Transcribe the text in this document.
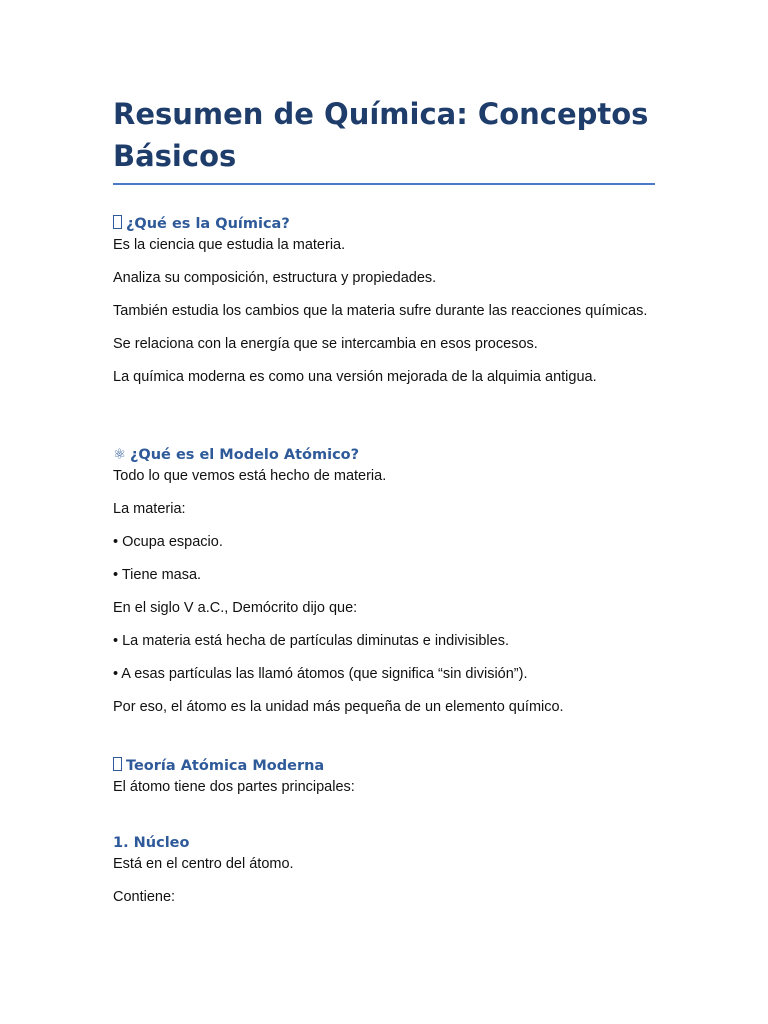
Resumen de Química: Conceptos Básicos
¿Qué es la Química?

Es la ciencia que estudia la materia.

Analiza su composición, estructura y propiedades.

También estudia los cambios que la materia sufre durante las reacciones químicas.

Se relaciona con la energía que se intercambia en esos procesos.

La química moderna es como una versión mejorada de la alquimia antigua.

⚛ ¿Qué es el Modelo Atómico?

Todo lo que vemos está hecho de materia.

La materia:

• Ocupa espacio.

• Tiene masa.

En el siglo V a.C., Demócrito dijo que:

• La materia está hecha de partículas diminutas e indivisibles.

• A esas partículas las llamó átomos (que significa “sin división”).

Por eso, el átomo es la unidad más pequeña de un elemento químico.

Teoría Atómica Moderna

El átomo tiene dos partes principales:

1. Núcleo

Está en el centro del átomo.

Contiene:
